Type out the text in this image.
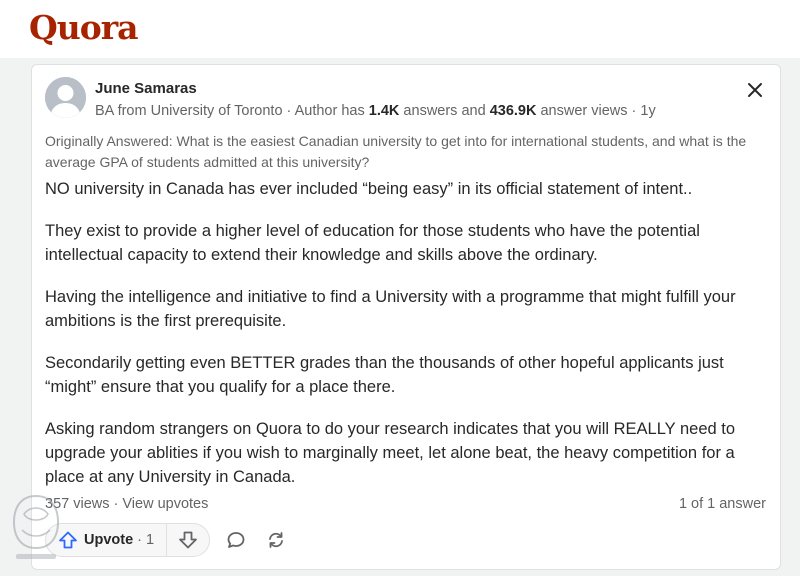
Quora
June Samaras
BA from University of Toronto · Author has 1.4K answers and 436.9K answer views · 1y
Originally Answered: What is the easiest Canadian university to get into for international students, and what is the average GPA of students admitted at this university?

NO university in Canada has ever included “being easy” in its official statement of intent..

They exist to provide a higher level of education for those students who have the potential intellectual capacity to extend their knowledge and skills above the ordinary.

Having the intelligence and initiative to find a University with a programme that might fulfill your ambitions is the first prerequisite.

Secondarily getting even BETTER grades than the thousands of other hopeful applicants just “might” ensure that you qualify for a place there.

Asking random strangers on Quora to do your research indicates that you will REALLY need to upgrade your ablities if you wish to marginally meet, let alone beat, the heavy competition for a place at any University in Canada.

357 views · View upvotes	1 of 1 answer
Upvote · 1
